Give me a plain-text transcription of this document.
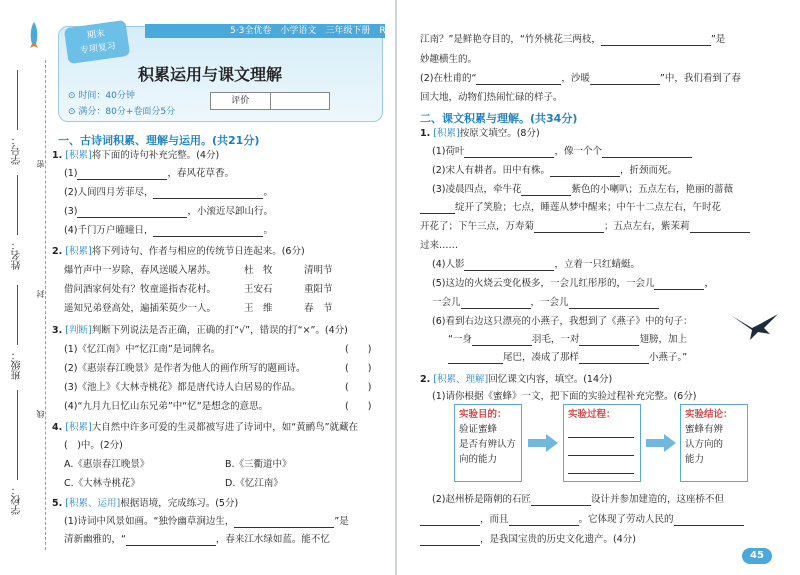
学校：
班级：
姓名：
学号： 密
封
线
5·3全优卷　小学语文　三年级下册　RJ
期末
专项复习
积累运用与课文理解
⊙ 时间：40分钟
⊙ 满分：80分+卷面分5分
评价
一、古诗词积累、理解与运用。(共21分)
1. [积累]将下面的诗句补充完整。(4分)
(1)	，春风花草香。
(2)人间四月芳菲尽，	。
(3)	，小滚近尽卸山行。
(4)千门万户曈曈日，	。
2. [积累]将下列诗句、作者与相应的传统节日连起来。(6分)
爆竹声中一岁除，春风送暖入屠苏。	杜　牧	清明节
借问酒家何处有？牧童遥指杏花村。	王安石	重阳节
遥知兄弟登高处，遍插茱萸少一人。	王　维	春　节
3. [判断]判断下列说法是否正确，正确的打“√”，错误的打“×”。(4分)
(1)《忆江南》中“忆江南”是词牌名。	(　　)
(2)《惠崇春江晚景》是作者为他人的画作所写的题画诗。	(　　)
(3)《池上》《大林寺桃花》都是唐代诗人白居易的作品。	(　　)
(4)“九月九日忆山东兄弟”中“忆”是想念的意思。	(　　)
4. [积累]大自然中许多可爱的生灵都被写进了诗词中，如“黄鹂鸟”就藏在
(　)中。(2分)
A.《惠崇春江晚景》	B.《三衢道中》
C.《大林寺桃花》	D.《忆江南》
5. [积累、运用]根据语境，完成练习。(5分)
(1)诗词中风景如画。“独怜幽草涧边生，	”是
清新幽雅的，“	，春来江水绿如蓝。能不忆
江南？”是鲜艳夺目的，“竹外桃花三两枝，	”是
妙趣横生的。
(2)在杜甫的“	，沙暖	”中，我们看到了春
回大地，动物们热闹忙碌的样子。
二、课文积累与理解。(共34分)
1. [积累]按原文填空。(8分)
(1)荷叶	，像一个个
(2)宋人有耕者。田中有株。	，折颈而死。
(3)凌晨四点，牵牛花	紫色的小喇叭；五点左右，艳丽的蔷薇
绽开了笑脸；七点，睡莲从梦中醒来；中午十二点左右，午时花
开花了；下午三点，万寿菊	；五点左右，紫茉莉
过来……
(4)人影	，立着一只红蜻蜓。
(5)这边的火烧云变化极多，一会儿红彤彤的，一会儿	，
一会儿	，一会儿
(6)看到右边这只漂亮的小燕子，我想到了《燕子》中的句子：
“一身	羽毛，一对	翅膀，加上
尾巴，凑成了那样	小燕子。”
2. [积累、理解]回忆课文内容，填空。(14分)
(1)请你根据《蜜蜂》一文，把下面的实验过程补充完整。(6分)
实验目的：
验证蜜蜂
是否有辨认方
向的能力
实验过程：	实验结论：
蜜蜂有辨
认方向的
能力
(2)赵州桥是隋朝的石匠	设计并参加建造的，这座桥不但
，而且	。它体现了劳动人民的
，是我国宝贵的历史文化遗产。(4分)
45
